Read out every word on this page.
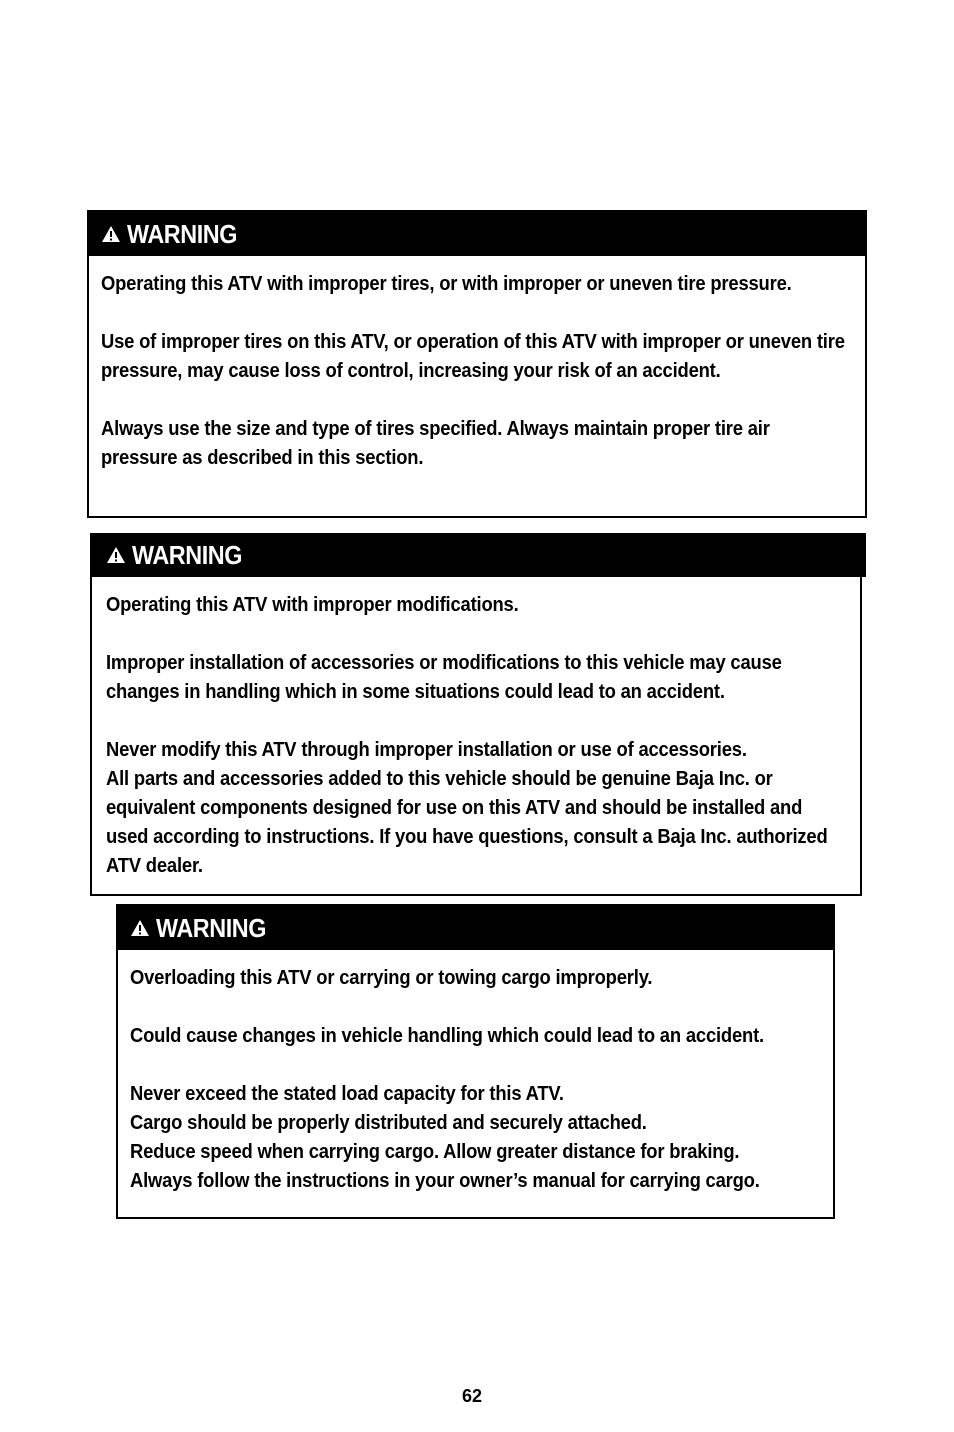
WARNING

Operating this ATV with improper tires, or with improper or uneven tire pressure.

Use of improper tires on this ATV, or operation of this ATV with improper or uneven tire pressure, may cause loss of control, increasing your risk of an accident.

Always use the size and type of tires specified. Always maintain proper tire air pressure as described in this section.

WARNING

Operating this ATV with improper modifications.

Improper installation of accessories or modifications to this vehicle may cause changes in handling which in some situations could lead to an accident.

Never modify this ATV through improper installation or use of accessories.
All parts and accessories added to this vehicle should be genuine Baja Inc. or equivalent components designed for use on this ATV and should be installed and used according to instructions. If you have questions, consult a Baja Inc. authorized ATV dealer.

WARNING

Overloading this ATV or carrying or towing cargo improperly.

Could cause changes in vehicle handling which could lead to an accident.

Never exceed the stated load capacity for this ATV.
Cargo should be properly distributed and securely attached.
Reduce speed when carrying cargo. Allow greater distance for braking.
Always follow the instructions in your owner’s manual for carrying cargo.

62
